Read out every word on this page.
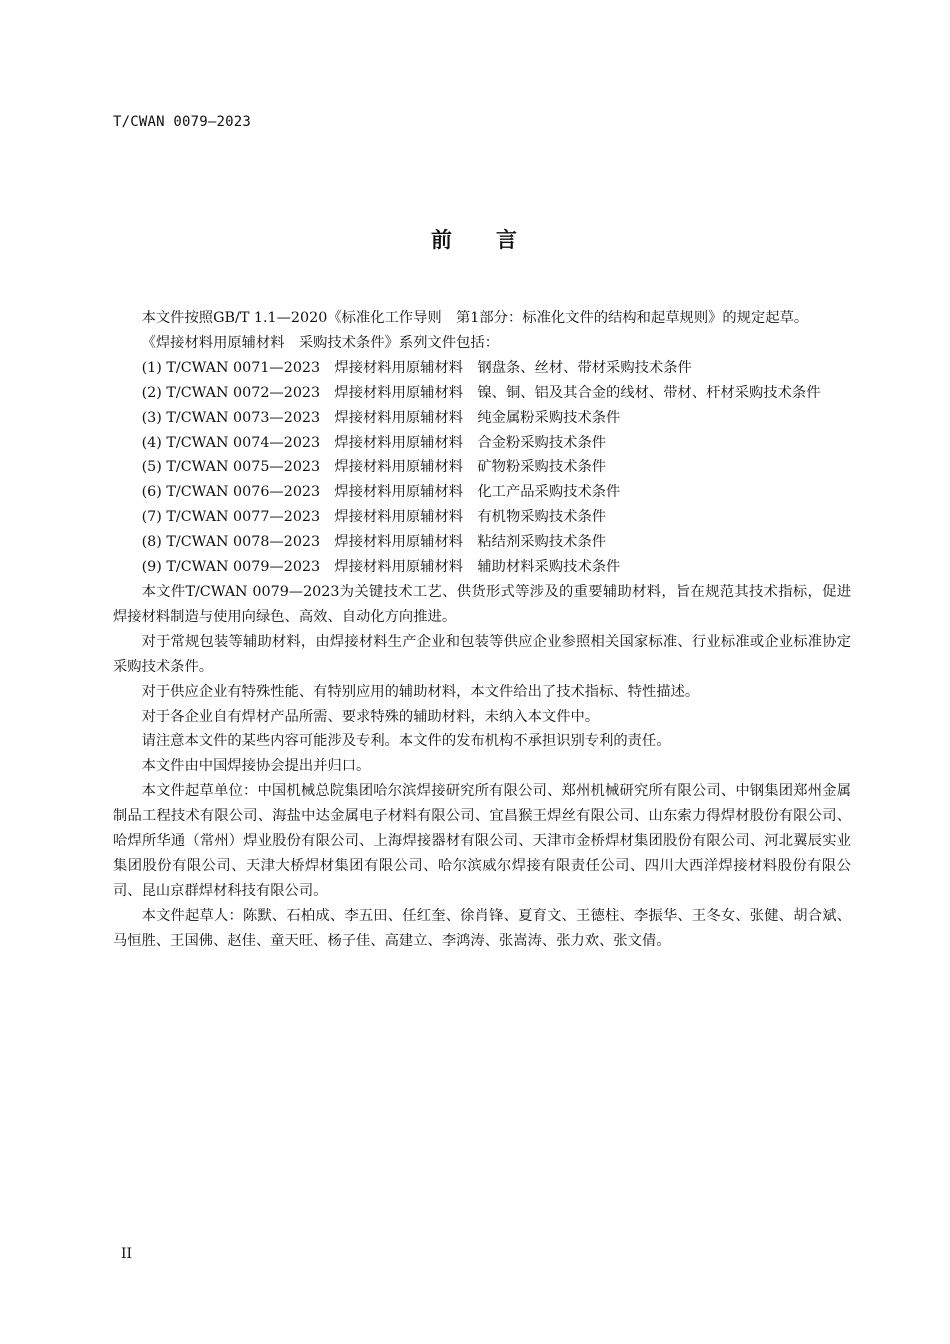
T/CWAN 0079—2023
前 言

本文件按照GB/T 1.1—2020《标准化工作导则　第1部分：标准化文件的结构和起草规则》的规定起草。

《焊接材料用原辅材料　采购技术条件》系列文件包括：

(1) T/CWAN 0071—2023　焊接材料用原辅材料　钢盘条、丝材、带材采购技术条件

(2) T/CWAN 0072—2023　焊接材料用原辅材料　镍、铜、铝及其合金的线材、带材、杆材采购技术条件

(3) T/CWAN 0073—2023　焊接材料用原辅材料　纯金属粉采购技术条件

(4) T/CWAN 0074—2023　焊接材料用原辅材料　合金粉采购技术条件

(5) T/CWAN 0075—2023　焊接材料用原辅材料　矿物粉采购技术条件

(6) T/CWAN 0076—2023　焊接材料用原辅材料　化工产品采购技术条件

(7) T/CWAN 0077—2023　焊接材料用原辅材料　有机物采购技术条件

(8) T/CWAN 0078—2023　焊接材料用原辅材料　粘结剂采购技术条件

(9) T/CWAN 0079—2023　焊接材料用原辅材料　辅助材料采购技术条件

本文件T/CWAN 0079—2023为关键技术工艺、供货形式等涉及的重要辅助材料，旨在规范其技术指标，促进焊接材料制造与使用向绿色、高效、自动化方向推进。

对于常规包装等辅助材料，由焊接材料生产企业和包装等供应企业参照相关国家标准、行业标准或企业标准协定采购技术条件。

对于供应企业有特殊性能、有特别应用的辅助材料，本文件给出了技术指标、特性描述。

对于各企业自有焊材产品所需、要求特殊的辅助材料，未纳入本文件中。

请注意本文件的某些内容可能涉及专利。本文件的发布机构不承担识别专利的责任。

本文件由中国焊接协会提出并归口。

本文件起草单位：中国机械总院集团哈尔滨焊接研究所有限公司、郑州机械研究所有限公司、中钢集团郑州金属制品工程技术有限公司、海盐中达金属电子材料有限公司、宜昌猴王焊丝有限公司、山东索力得焊材股份有限公司、哈焊所华通（常州）焊业股份有限公司、上海焊接器材有限公司、天津市金桥焊材集团股份有限公司、河北翼辰实业集团股份有限公司、天津大桥焊材集团有限公司、哈尔滨威尔焊接有限责任公司、四川大西洋焊接材料股份有限公司、昆山京群焊材科技有限公司。

本文件起草人：陈默、石柏成、李五田、任红奎、徐肖锋、夏育文、王德柱、李振华、王冬女、张健、胡合斌、马恒胜、王国佛、赵佳、童天旺、杨子佳、高建立、李鸿涛、张嵩涛、张力欢、张文倩。

II
